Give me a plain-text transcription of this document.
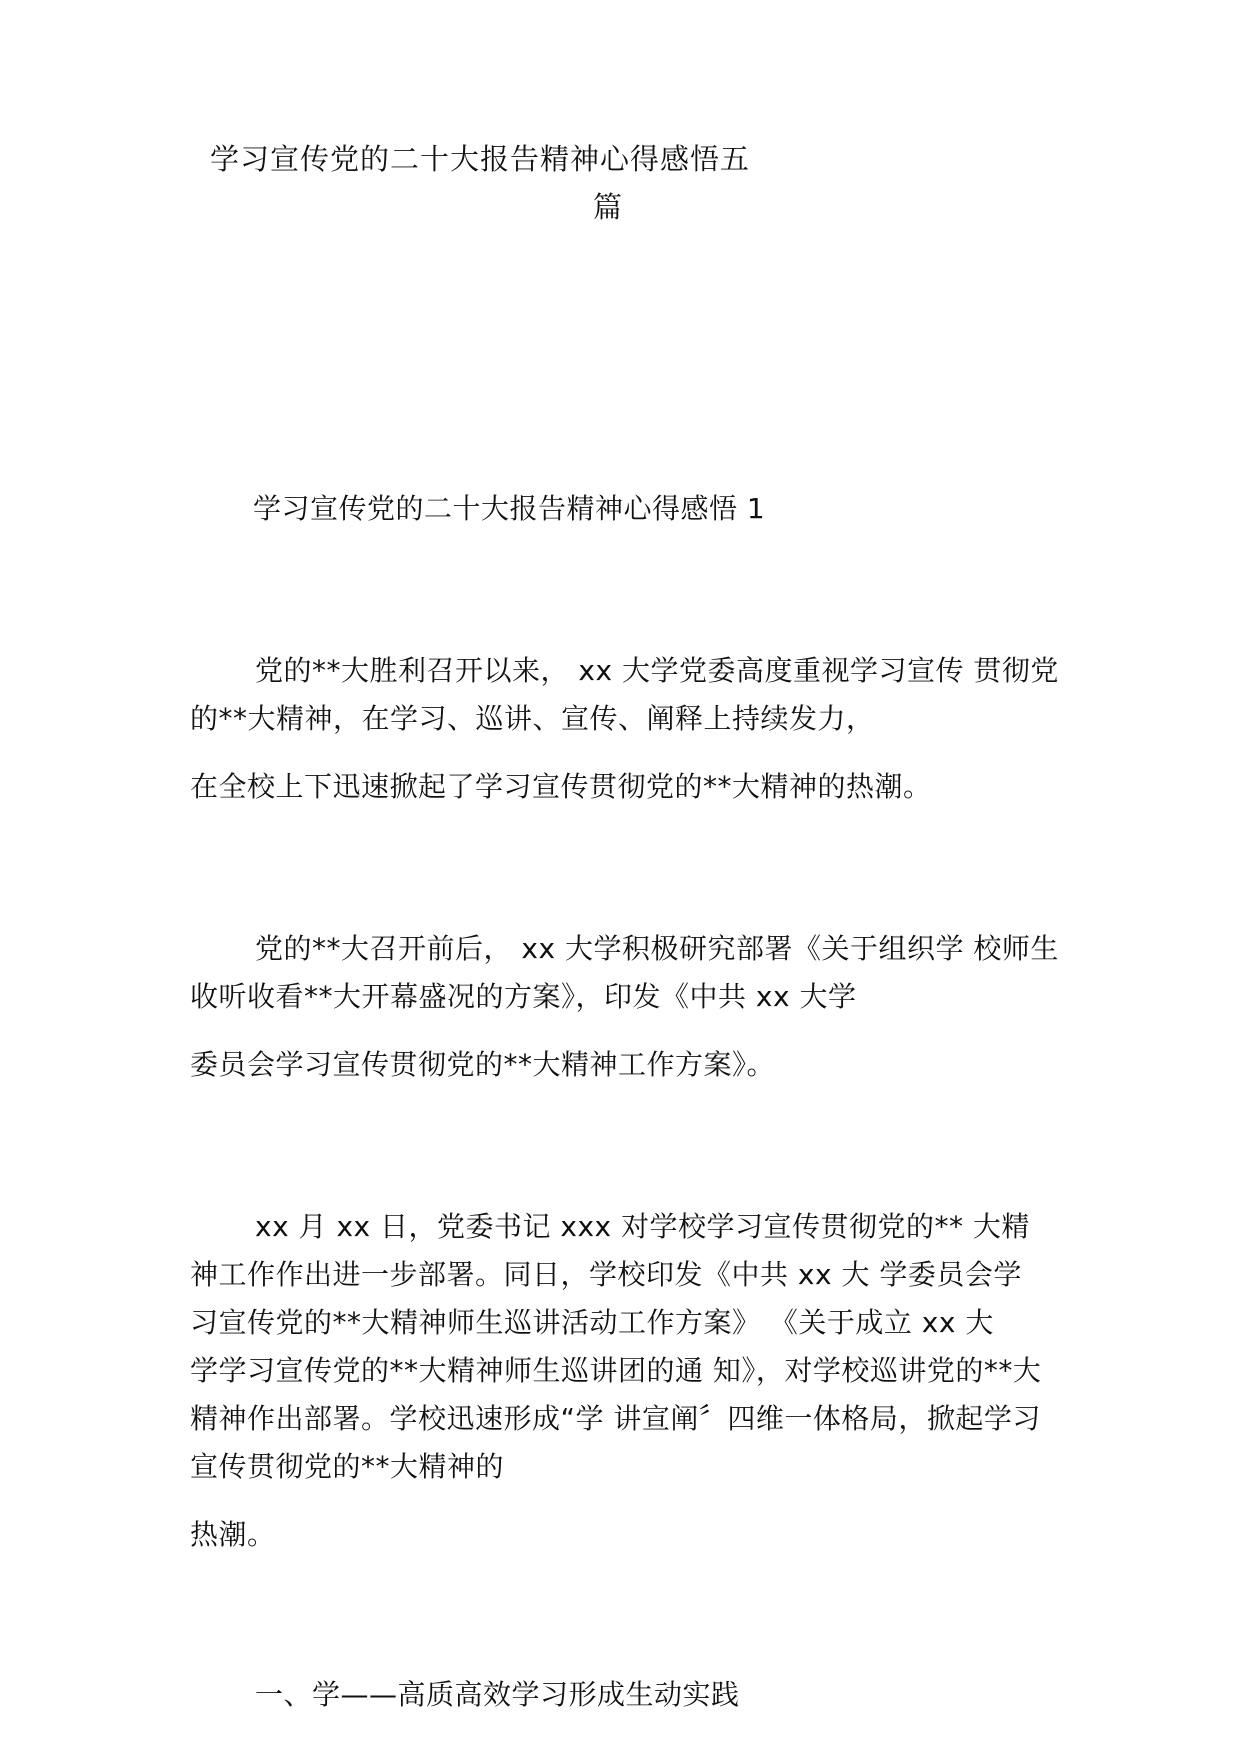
学习宣传党的二十大报告精神心得感悟五
篇
学习宣传党的二十大报告精神心得感悟 1
党的**大胜利召开以来， xx 大学党委高度重视学习宣传 贯彻党
的**大精神，在学习、巡讲、宣传、阐释上持续发力，
在全校上下迅速掀起了学习宣传贯彻党的**大精神的热潮。
党的**大召开前后， xx 大学积极研究部署《关于组织学 校师生
收听收看**大开幕盛况的方案》，印发《中共 xx 大学
委员会学习宣传贯彻党的**大精神工作方案》。
xx 月 xx 日，党委书记 xxx 对学校学习宣传贯彻党的** 大精
神工作作出进一步部署。同日，学校印发《中共 xx 大 学委员会学
习宣传党的**大精神师生巡讲活动工作方案》 《关于成立 xx 大
学学习宣传党的**大精神师生巡讲团的通 知》，对学校巡讲党的**大
精神作出部署。学校迅速形成“学 讲宣阐〞四维一体格局，掀起学习
宣传贯彻党的**大精神的
热潮。
一、学——高质高效学习形成生动实践
